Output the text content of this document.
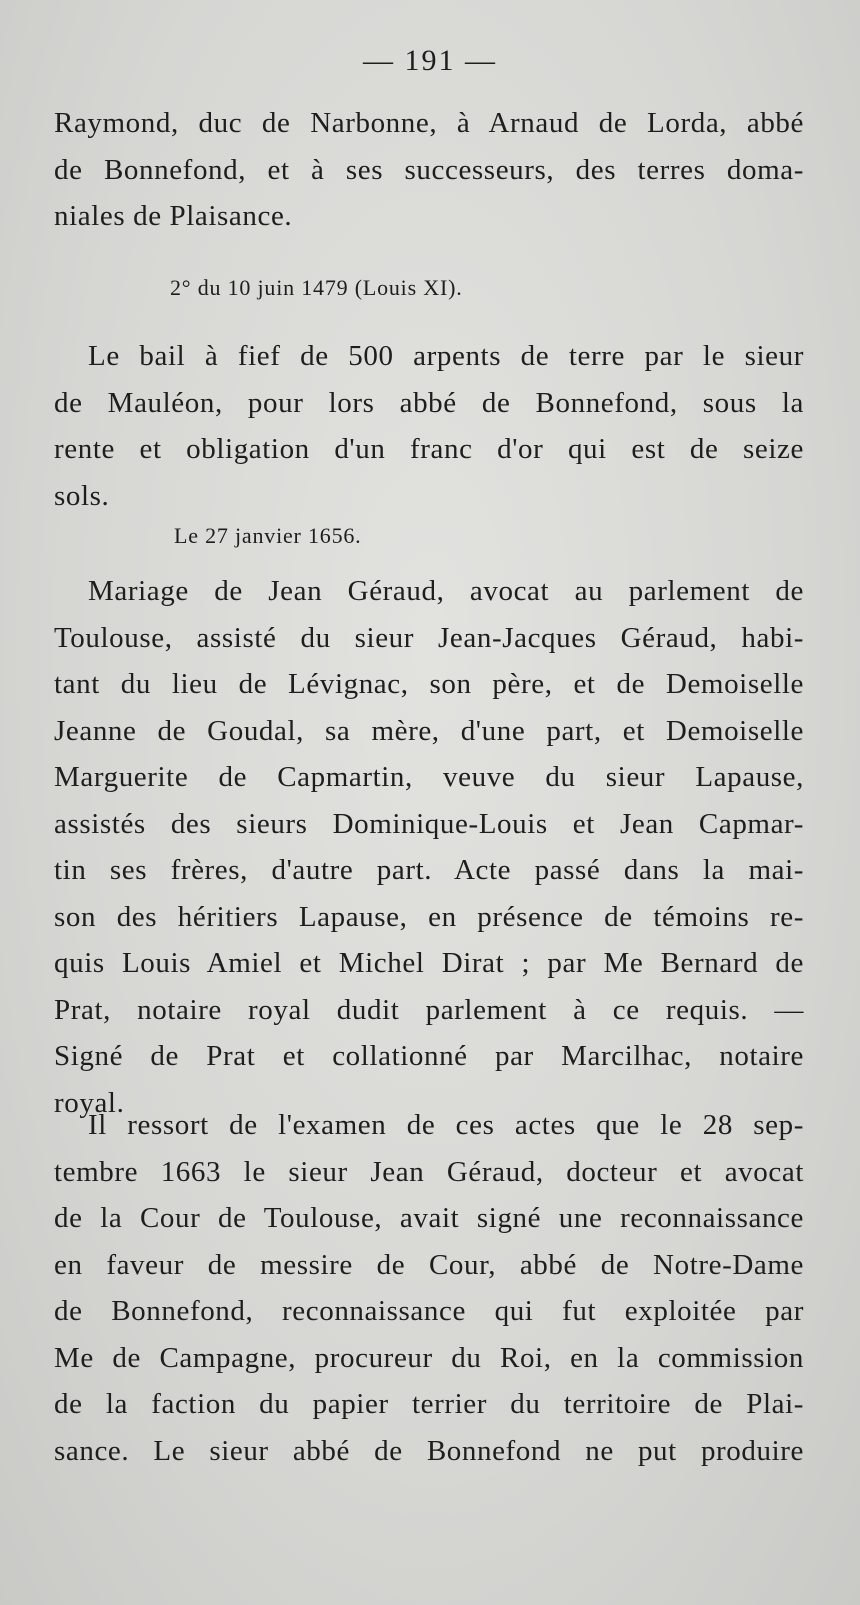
— 191 —
Raymond, duc de Narbonne, à Arnaud de Lorda, abbé
de Bonnefond, et à ses successeurs, des terres doma-
niales de Plaisance.
2° du 10 juin 1479 (Louis XI).
Le bail à fief de 500 arpents de terre par le sieur
de Mauléon, pour lors abbé de Bonnefond, sous la
rente et obligation d'un franc d'or qui est de seize
sols.
Le 27 janvier 1656.
Mariage de Jean Géraud, avocat au parlement de
Toulouse, assisté du sieur Jean-Jacques Géraud, habi-
tant du lieu de Lévignac, son père, et de Demoiselle
Jeanne de Goudal, sa mère, d'une part, et Demoiselle
Marguerite de Capmartin, veuve du sieur Lapause,
assistés des sieurs Dominique-Louis et Jean Capmar-
tin ses frères, d'autre part. Acte passé dans la mai-
son des héritiers Lapause, en présence de témoins re-
quis Louis Amiel et Michel Dirat ; par Me Bernard de
Prat, notaire royal dudit parlement à ce requis. —
Signé de Prat et collationné par Marcilhac, notaire
royal.
Il ressort de l'examen de ces actes que le 28 sep-
tembre 1663 le sieur Jean Géraud, docteur et avocat
de la Cour de Toulouse, avait signé une reconnaissance
en faveur de messire de Cour, abbé de Notre-Dame
de Bonnefond, reconnaissance qui fut exploitée par
Me de Campagne, procureur du Roi, en la commission
de la faction du papier terrier du territoire de Plai-
sance. Le sieur abbé de Bonnefond ne put produire
